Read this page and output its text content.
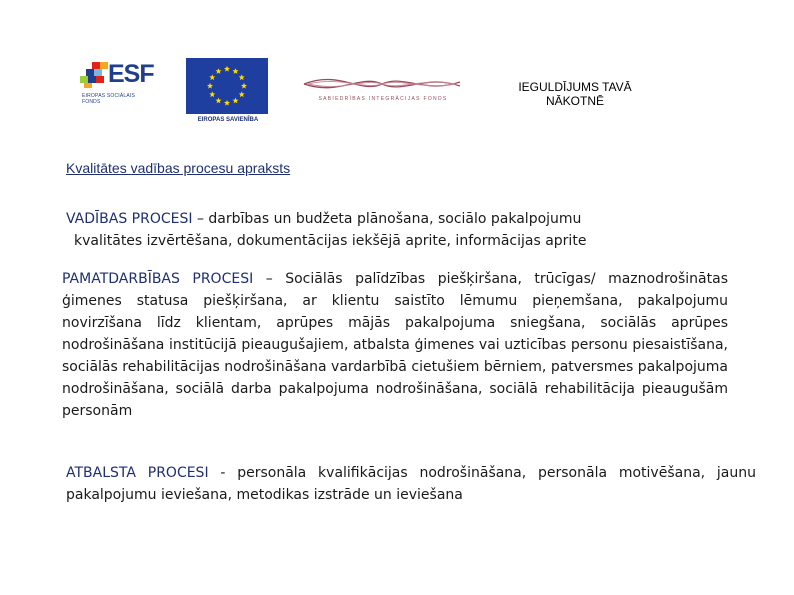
ESF
EIROPAS SOCIĀLAIS FONDS
EIROPAS SAVIENĪBA
SABIEDRĪBAS INTEGRĀCIJAS FONDS
IEGULDĪJUMS TAVĀ
NĀKOTNĒ
Kvalitātes vadības procesu apraksts
VADĪBAS PROCESI – darbības un budžeta plānošana, sociālo pakalpojumu
kvalitātes izvērtēšana, dokumentācijas iekšējā aprite, informācijas aprite
PAMATDARBĪBAS PROCESI – Sociālās palīdzības piešķiršana, trūcīgas/ maznodrošinātas ģimenes statusa piešķiršana, ar klientu saistīto lēmumu pieņemšana, pakalpojumu novirzīšana līdz klientam, aprūpes mājās pakalpojuma sniegšana, sociālās aprūpes nodrošināšana institūcijā pieaugušajiem, atbalsta ģimenes vai uzticības personu piesaistīšana, sociālās rehabilitācijas nodrošināšana vardarbībā cietušiem bērniem, patversmes pakalpojuma nodrošināšana, sociālā darba pakalpojuma nodrošināšana, sociālā rehabilitācija pieaugušām personām
ATBALSTA PROCESI - personāla kvalifikācijas nodrošināšana, personāla motivēšana, jaunu pakalpojumu ieviešana, metodikas izstrāde un ieviešana
